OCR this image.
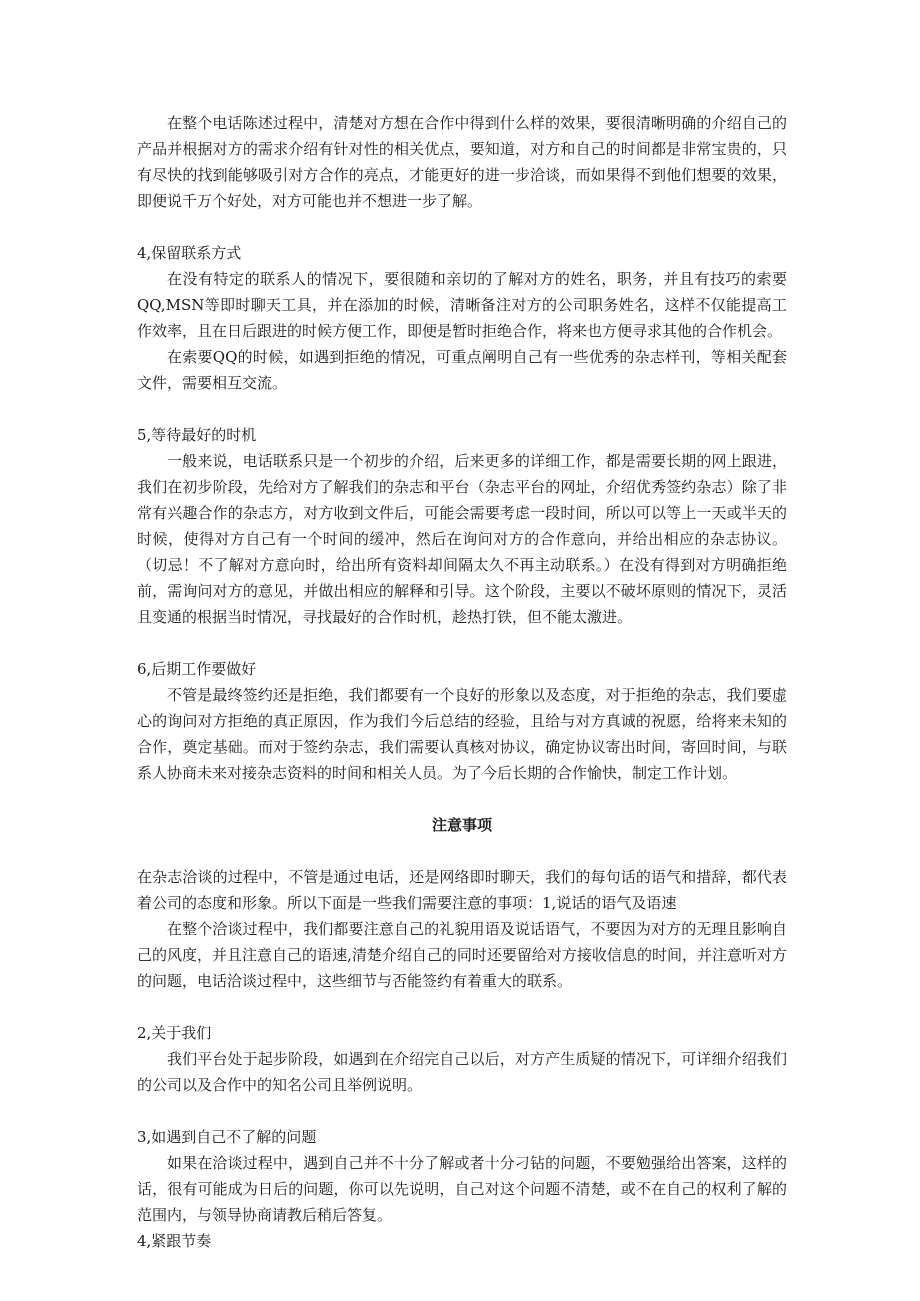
在整个电话陈述过程中，清楚对方想在合作中得到什么样的效果，要很清晰明确的介绍自己的产品并根据对方的需求介绍有针对性的相关优点，要知道，对方和自己的时间都是非常宝贵的，只有尽快的找到能够吸引对方合作的亮点，才能更好的进一步洽谈，而如果得不到他们想要的效果，即便说千万个好处，对方可能也并不想进一步了解。

4,保留联系方式

在没有特定的联系人的情况下，要很随和亲切的了解对方的姓名，职务，并且有技巧的索要QQ,MSN等即时聊天工具，并在添加的时候，清晰备注对方的公司职务姓名，这样不仅能提高工作效率，且在日后跟进的时候方便工作，即便是暂时拒绝合作，将来也方便寻求其他的合作机会。

在索要QQ的时候，如遇到拒绝的情况，可重点阐明自己有一些优秀的杂志样刊，等相关配套文件，需要相互交流。

5,等待最好的时机

一般来说，电话联系只是一个初步的介绍，后来更多的详细工作，都是需要长期的网上跟进，我们在初步阶段，先给对方了解我们的杂志和平台（杂志平台的网址，介绍优秀签约杂志）除了非常有兴趣合作的杂志方，对方收到文件后，可能会需要考虑一段时间，所以可以等上一天或半天的时候，使得对方自己有一个时间的缓冲，然后在询问对方的合作意向，并给出相应的杂志协议。（切忌！不了解对方意向时，给出所有资料却间隔太久不再主动联系。）在没有得到对方明确拒绝前，需询问对方的意见，并做出相应的解释和引导。这个阶段，主要以不破坏原则的情况下，灵活且变通的根据当时情况，寻找最好的合作时机，趁热打铁，但不能太激进。

6,后期工作要做好

不管是最终签约还是拒绝，我们都要有一个良好的形象以及态度，对于拒绝的杂志，我们要虚心的询问对方拒绝的真正原因，作为我们今后总结的经验，且给与对方真诚的祝愿，给将来未知的合作，奠定基础。而对于签约杂志，我们需要认真核对协议，确定协议寄出时间，寄回时间，与联系人协商未来对接杂志资料的时间和相关人员。为了今后长期的合作愉快，制定工作计划。

注意事项

在杂志洽谈的过程中，不管是通过电话，还是网络即时聊天，我们的每句话的语气和措辞，都代表着公司的态度和形象。所以下面是一些我们需要注意的事项：1,说话的语气及语速

在整个洽谈过程中，我们都要注意自己的礼貌用语及说话语气，不要因为对方的无理且影响自己的风度，并且注意自己的语速,清楚介绍自己的同时还要留给对方接收信息的时间，并注意听对方的问题，电话洽谈过程中，这些细节与否能签约有着重大的联系。

2,关于我们

我们平台处于起步阶段，如遇到在介绍完自己以后，对方产生质疑的情况下，可详细介绍我们的公司以及合作中的知名公司且举例说明。

3,如遇到自己不了解的问题

如果在洽谈过程中，遇到自己并不十分了解或者十分刁钻的问题，不要勉强给出答案，这样的话，很有可能成为日后的问题，你可以先说明，自己对这个问题不清楚，或不在自己的权利了解的范围内，与领导协商请教后稍后答复。

4,紧跟节奏
